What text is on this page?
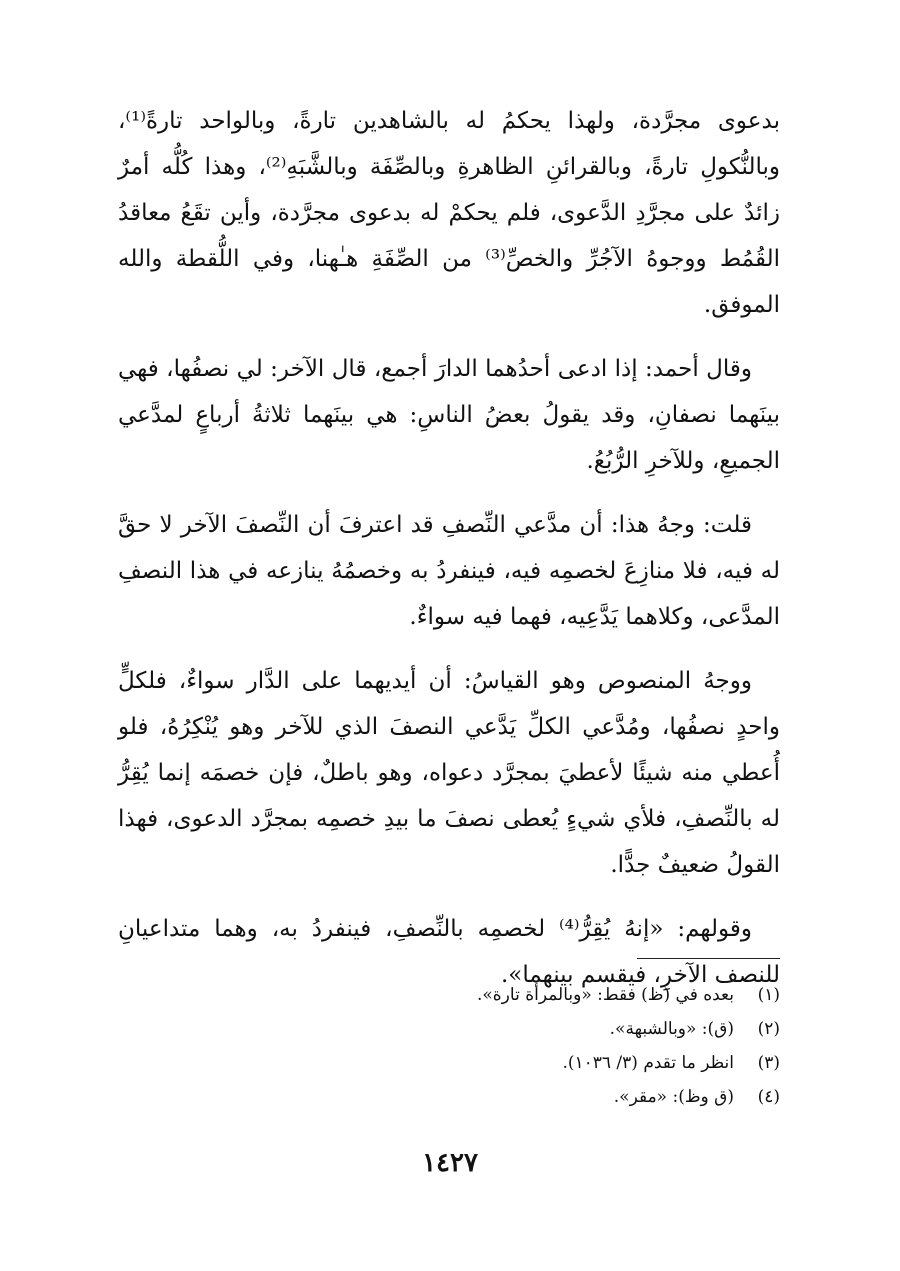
بدعوى مجرَّدة، ولهذا يحكمُ له بالشاهدين تارةً، وبالواحد تارةً⁽¹⁾، وبالنُّكولِ تارةً، وبالقرائنِ الظاهرةِ وبالصِّفَة وبالشَّبَهِ⁽²⁾، وهذا كُلُّه أمرٌ زائدٌ على مجرَّدِ الدَّعوى، فلم يحكمْ له بدعوى مجرَّدة، وأين تقَعُ معاقدُ القُمُط ووجوهُ الآجُرِّ والخصِّ⁽³⁾ من الصِّفَةِ هـٰهنا، وفي اللُّقطة والله الموفق.

وقال أحمد: إذا ادعى أحدُهما الدارَ أجمع، قال الآخر: لي نصفُها، فهي بينَهما نصفانِ، وقد يقولُ بعضُ الناسِ: هي بينَهما ثلاثةُ أرباعٍ لمدَّعي الجميعِ، وللآخرِ الرُّبُعُ.

قلت: وجهُ هذا: أن مدَّعي النِّصفِ قد اعترفَ أن النِّصفَ الآخر لا حقَّ له فيه، فلا منازِعَ لخصمِه فيه، فينفردُ به وخصمُهُ ينازعه في هذا النصفِ المدَّعى، وكلاهما يَدَّعِيه، فهما فيه سواءٌ.

ووجهُ المنصوص وهو القياسُ: أن أيديهما على الدَّار سواءٌ، فلكلٍّ واحدٍ نصفُها، ومُدَّعي الكلِّ يَدَّعي النصفَ الذي للآخر وهو يُنْكِرُهُ، فلو أُعطي منه شيئًا لأعطيَ بمجرَّد دعواه، وهو باطلٌ، فإن خصمَه إنما يُقِرُّ له بالنِّصفِ، فلأي شيءٍ يُعطى نصفَ ما بيدِ خصمِه بمجرَّد الدعوى، فهذا القولُ ضعيفٌ جدًّا.

وقولهم: «إنهُ يُقِرُّ⁽⁴⁾ لخصمِه بالنِّصفِ، فينفردُ به، وهما متداعيانِ للنصف الآخرِ، فيقسم بينهما».

(١)
بعده في (ظ) فقط: «وبالمرأة تارة».
(٢)
(ق): «وبالشبهة».
(٣)
انظر ما تقدم (٣/ ١٠٣٦).
(٤)
(ق وظ): «مقر».
١٤٢٧
